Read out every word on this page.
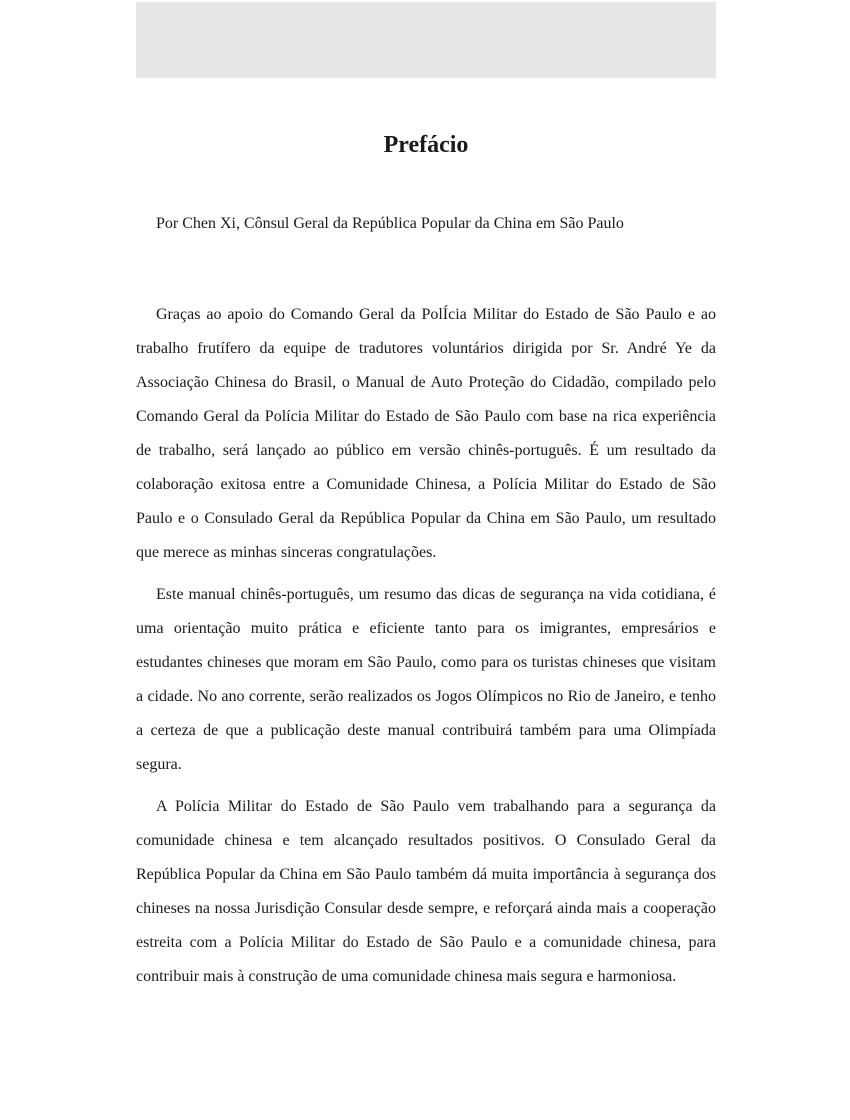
Prefácio

Por Chen Xi, Cônsul Geral da República Popular da China em São Paulo

Graças ao apoio do Comando Geral da PolÍcia Militar do Estado de São Paulo e ao trabalho frutífero da equipe de tradutores voluntários dirigida por Sr. André Ye da Associação Chinesa do Brasil, o Manual de Auto Proteção do Cidadão, compilado pelo Comando Geral da Polícia Militar do Estado de São Paulo com base na rica experiência de trabalho, será lançado ao público em versão chinês-português. É um resultado da colaboração exitosa entre a Comunidade Chinesa, a Polícia Militar do Estado de São Paulo e o Consulado Geral da República Popular da China em São Paulo, um resultado que merece as minhas sinceras congratulações.

Este manual chinês-português, um resumo das dicas de segurança na vida cotidiana, é uma orientação muito prática e eficiente tanto para os imigrantes, empresários e estudantes chineses que moram em São Paulo, como para os turistas chineses que visitam a cidade. No ano corrente, serão realizados os Jogos Olímpicos no Rio de Janeiro, e tenho a certeza de que a publicação deste manual contribuirá também para uma Olimpíada segura.

A Polícia Militar do Estado de São Paulo vem trabalhando para a segurança da comunidade chinesa e tem alcançado resultados positivos. O Consulado Geral da República Popular da China em São Paulo também dá muita importância à segurança dos chineses na nossa Jurisdição Consular desde sempre, e reforçará ainda mais a cooperação estreita com a Polícia Militar do Estado de São Paulo e a comunidade chinesa, para contribuir mais à construção de uma comunidade chinesa mais segura e harmoniosa.
